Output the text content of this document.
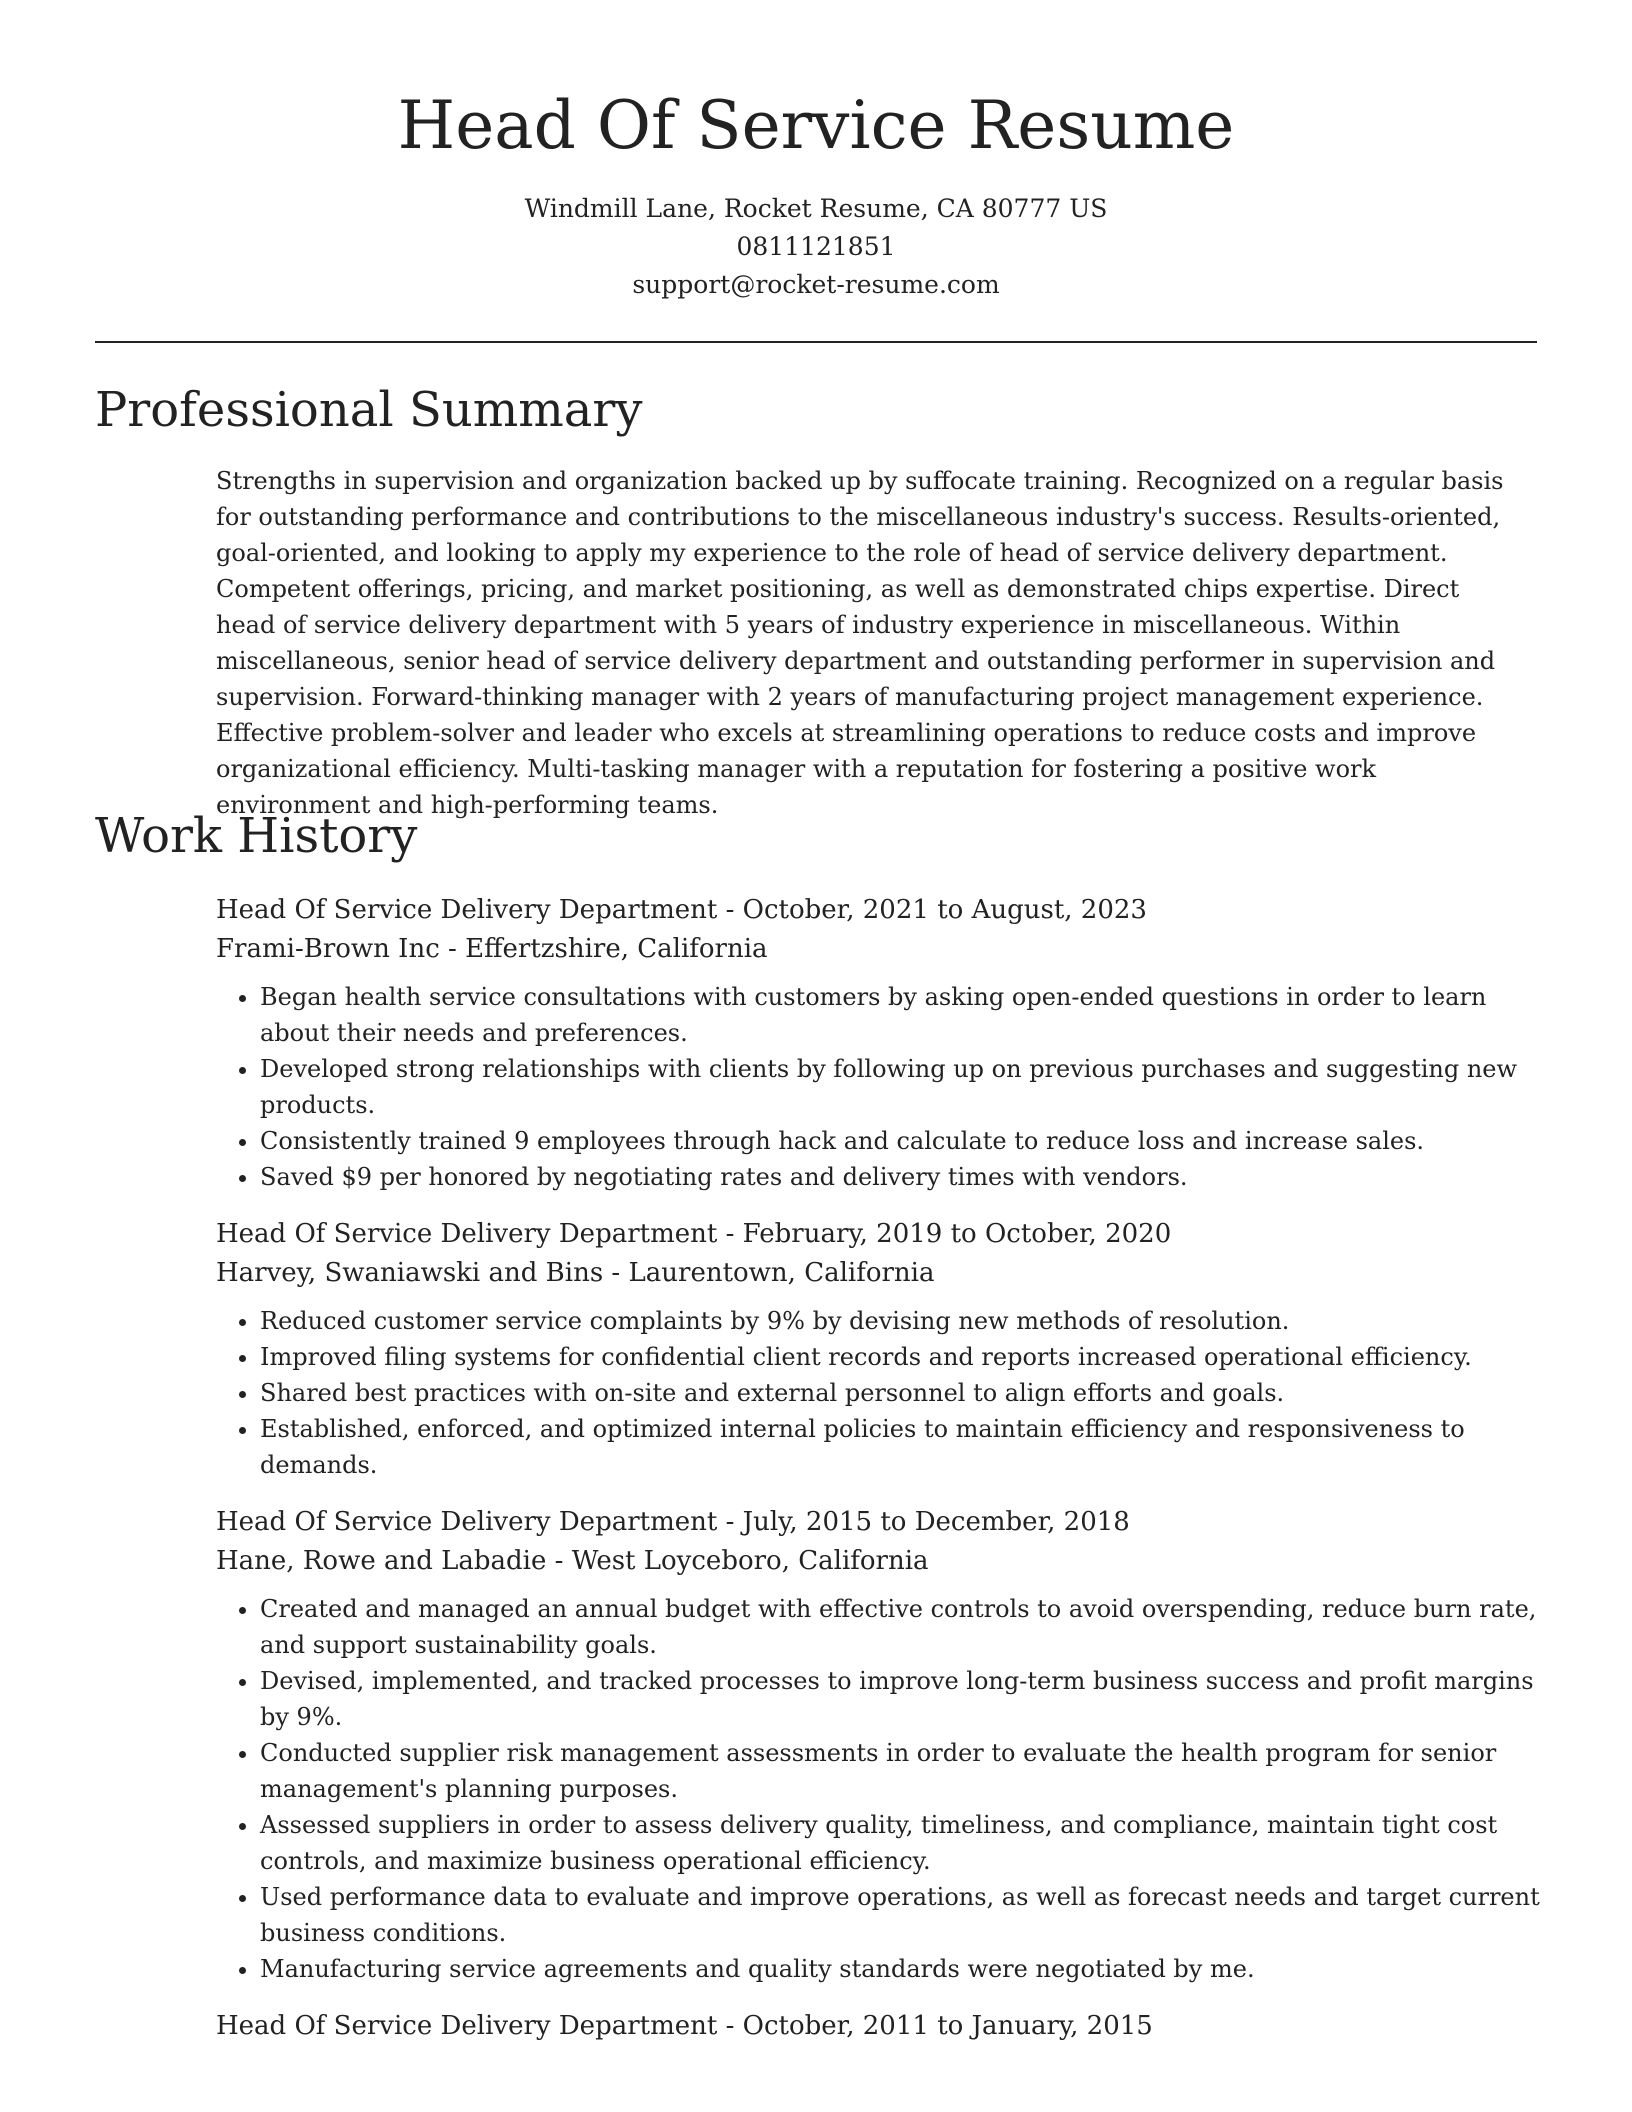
Head Of Service Resume
Windmill Lane, Rocket Resume, CA 80777 US
0811121851
support@rocket-resume.com
Professional Summary

Strengths in supervision and organization backed up by suffocate training. Recognized on a regular basis for outstanding performance and contributions to the miscellaneous industry's success. Results-oriented, goal-oriented, and looking to apply my experience to the role of head of service delivery department. Competent offerings, pricing, and market positioning, as well as demonstrated chips expertise. Direct head of service delivery department with 5 years of industry experience in miscellaneous. Within miscellaneous, senior head of service delivery department and outstanding performer in supervision and supervision. Forward-thinking manager with 2 years of manufacturing project management experience. Effective problem-solver and leader who excels at streamlining operations to reduce costs and improve organizational efficiency. Multi-tasking manager with a reputation for fostering a positive work environment and high-performing teams.

Work History
Head Of Service Delivery Department - October, 2021 to August, 2023
Frami-Brown Inc - Effertzshire, California
• Began health service consultations with customers by asking open-ended questions in order to learn about their needs and preferences.
• Developed strong relationships with clients by following up on previous purchases and suggesting new products.
• Consistently trained 9 employees through hack and calculate to reduce loss and increase sales.
• Saved $9 per honored by negotiating rates and delivery times with vendors.
Head Of Service Delivery Department - February, 2019 to October, 2020
Harvey, Swaniawski and Bins - Laurentown, California
• Reduced customer service complaints by 9% by devising new methods of resolution.
• Improved filing systems for confidential client records and reports increased operational efficiency.
• Shared best practices with on-site and external personnel to align efforts and goals.
• Established, enforced, and optimized internal policies to maintain efficiency and responsiveness to demands.
Head Of Service Delivery Department - July, 2015 to December, 2018
Hane, Rowe and Labadie - West Loyceboro, California
• Created and managed an annual budget with effective controls to avoid overspending, reduce burn rate, and support sustainability goals.
• Devised, implemented, and tracked processes to improve long-term business success and profit margins by 9%.
• Conducted supplier risk management assessments in order to evaluate the health program for senior management's planning purposes.
• Assessed suppliers in order to assess delivery quality, timeliness, and compliance, maintain tight cost controls, and maximize business operational efficiency.
• Used performance data to evaluate and improve operations, as well as forecast needs and target current business conditions.
• Manufacturing service agreements and quality standards were negotiated by me.
Head Of Service Delivery Department - October, 2011 to January, 2015
